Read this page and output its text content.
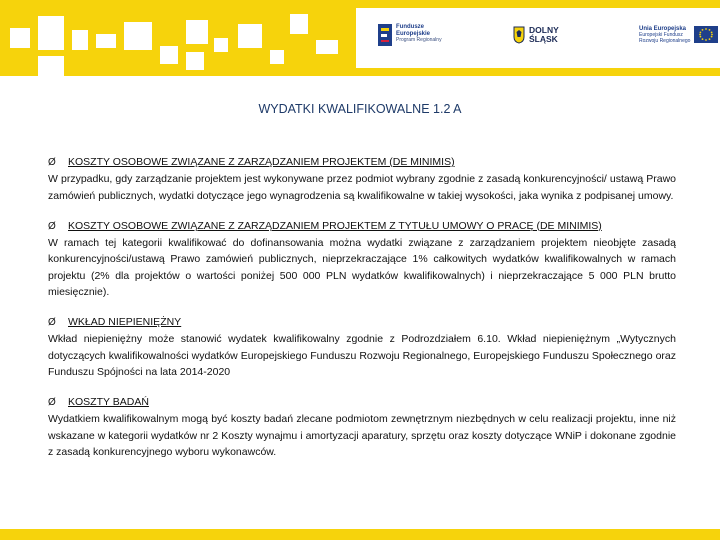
Fundusze
Europejskie
Program Regionalny
DOLNY
ŚLĄSK
Unia Europejska
Europejski Fundusz
Rozwoju Regionalnego
WYDATKI KWALIFIKOWALNE 1.2 A
Ø KOSZTY OSOBOWE ZWIĄZANE Z ZARZĄDZANIEM PROJEKTEM (DE MINIMIS)
W przypadku, gdy zarządzanie projektem jest wykonywane przez podmiot wybrany zgodnie z zasadą konkurencyjności/ ustawą Prawo zamówień publicznych, wydatki dotyczące jego wynagrodzenia są kwalifikowalne w takiej wysokości, jaka wynika z podpisanej umowy.
Ø KOSZTY OSOBOWE ZWIĄZANE Z ZARZĄDZANIEM PROJEKTEM Z TYTUŁU UMOWY O PRACĘ (DE MINIMIS)
W ramach tej kategorii kwalifikować do dofinansowania można wydatki związane z zarządzaniem projektem nieobjęte zasadą konkurencyjności/ustawą Prawo zamówień publicznych, nieprzekraczające 1% całkowitych wydatków kwalifikowalnych w ramach projektu (2% dla projektów o wartości poniżej 500 000 PLN wydatków kwalifikowalnych) i nieprzekraczające 5 000 PLN brutto miesięcznie).
Ø WKŁAD NIEPIENIĘŻNY
Wkład niepieniężny może stanowić wydatek kwalifikowalny zgodnie z Podrozdziałem 6.10. Wkład niepieniężnym „Wytycznych dotyczących kwalifikowalności wydatków Europejskiego Funduszu Rozwoju Regionalnego, Europejskiego Funduszu Społecznego oraz Funduszu Spójności na lata 2014-2020
Ø KOSZTY BADAŃ
Wydatkiem kwalifikowalnym mogą być koszty badań zlecane podmiotom zewnętrznym niezbędnych w celu realizacji projektu, inne niż wskazane w kategorii wydatków nr 2 Koszty wynajmu i amortyzacji aparatury, sprzętu oraz koszty dotyczące WNiP i dokonane zgodnie z zasadą konkurencyjnego wyboru wykonawców.
